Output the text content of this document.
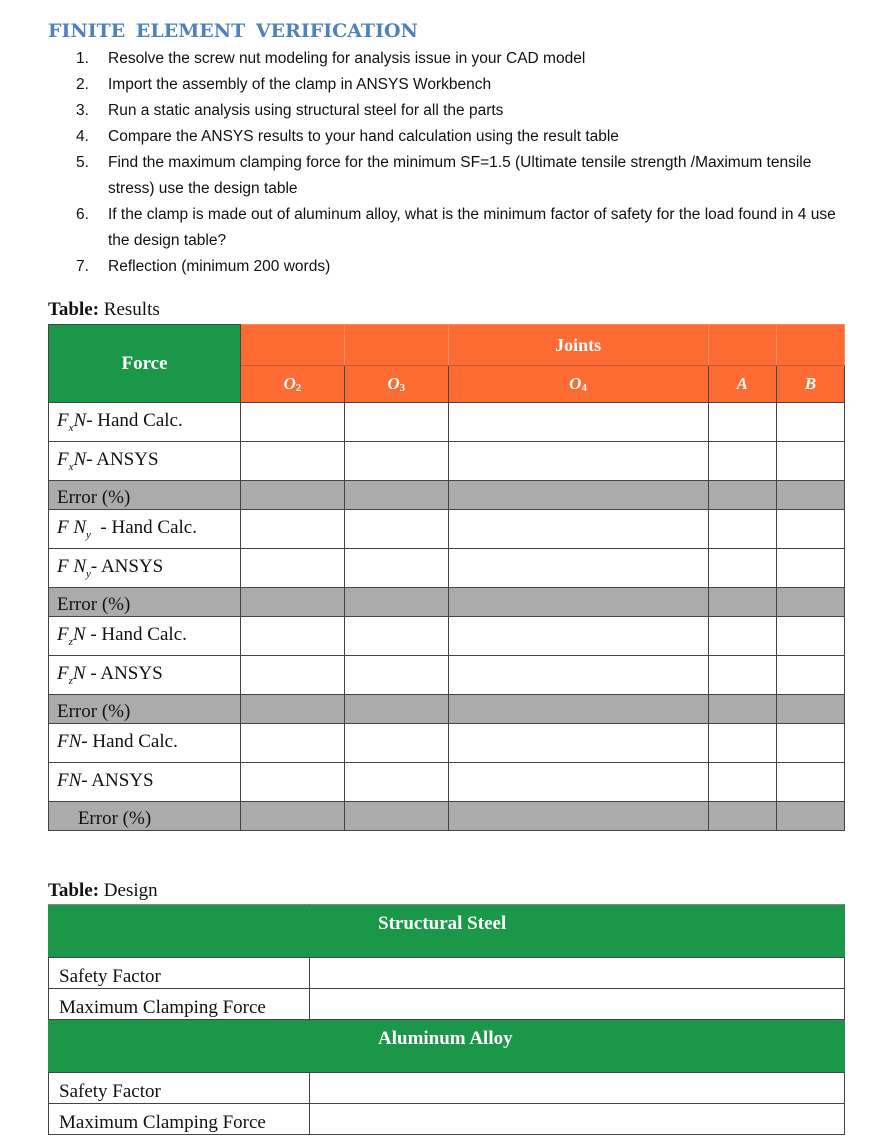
FINITE ELEMENT VERIFICATION
1. Resolve the screw nut modeling for analysis issue in your CAD model
2. Import the assembly of the clamp in ANSYS Workbench
3. Run a static analysis using structural steel for all the parts
4. Compare the ANSYS results to your hand calculation using the result table
5. Find the maximum clamping force for the minimum SF=1.5 (Ultimate tensile strength /Maximum tensile stress) use the design table
6. If the clamp is made out of aluminum alloy, what is the minimum factor of safety for the load found in 4 use the design table?
7. Reflection (minimum 200 words)
Table: Results
Force			Joints		
	$O_2$	$O_3$	$O_4$	A	B
$F_xN-$ Hand Calc.					
$F_xN-$ ANSYS					
Error (%)					
F $N_y$  - Hand Calc.					
F $N_y-$ ANSYS					
Error (%)					
$F_zN$ - Hand Calc.					
$F_zN$ - ANSYS					
Error (%)					
FN- Hand Calc.					
FN- ANSYS					
Error (%)					
Table: Design
	Structural Steel
Safety Factor	
Maximum Clamping Force	
	Aluminum Alloy
Safety Factor	
Maximum Clamping Force	
